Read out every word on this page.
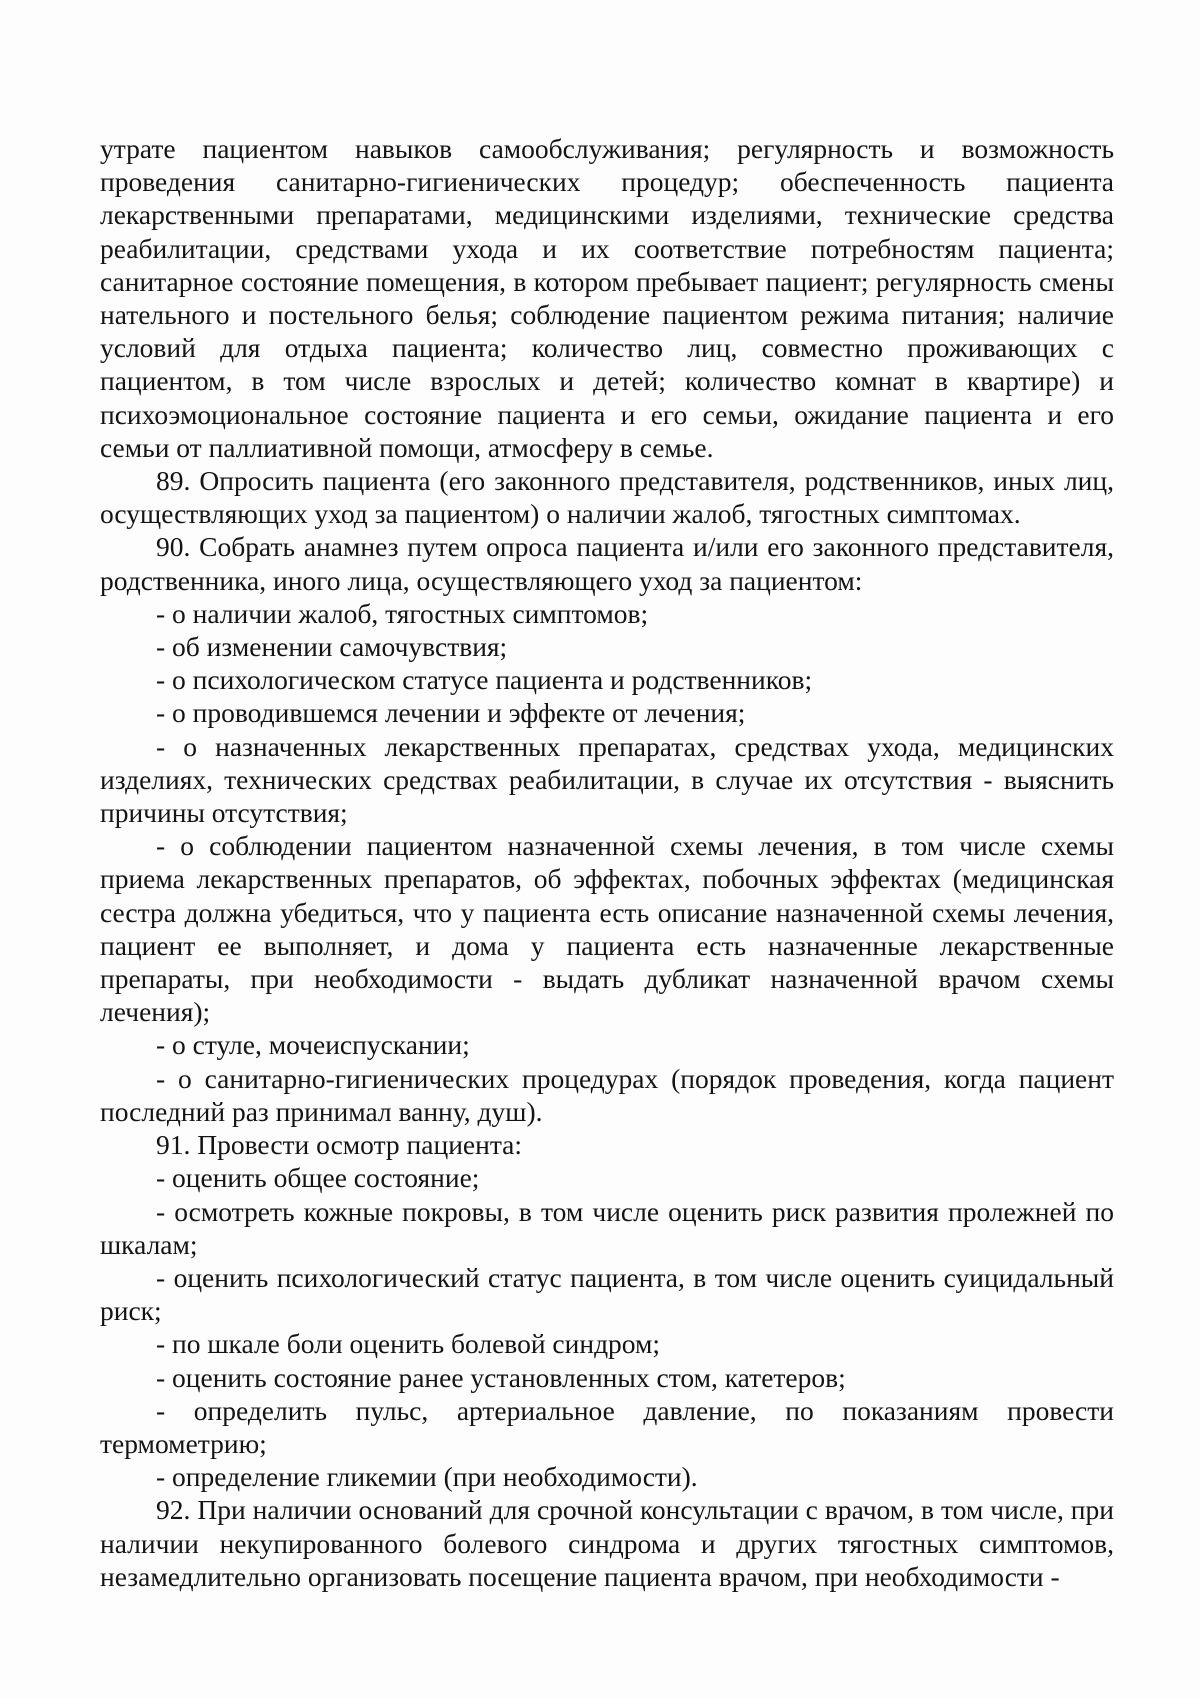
утрате пациентом навыков самообслуживания; регулярность и возможность проведения санитарно-гигиенических процедур; обеспеченность пациента лекарственными препаратами, медицинскими изделиями, технические средства реабилитации, средствами ухода и их соответствие потребностям пациента; санитарное состояние помещения, в котором пребывает пациент; регулярность смены нательного и постельного белья; соблюдение пациентом режима питания; наличие условий для отдыха пациента; количество лиц, совместно проживающих с пациентом, в том числе взрослых и детей; количество комнат в квартире) и психоэмоциональное состояние пациента и его семьи, ожидание пациента и его семьи от паллиативной помощи, атмосферу в семье.

89. Опросить пациента (его законного представителя, родственников, иных лиц, осуществляющих уход за пациентом) о наличии жалоб, тягостных симптомах.

90. Собрать анамнез путем опроса пациента и/или его законного представителя, родственника, иного лица, осуществляющего уход за пациентом:

- о наличии жалоб, тягостных симптомов;

- об изменении самочувствия;

- о психологическом статусе пациента и родственников;

- о проводившемся лечении и эффекте от лечения;

- о назначенных лекарственных препаратах, средствах ухода, медицинских изделиях, технических средствах реабилитации, в случае их отсутствия - выяснить причины отсутствия;

- о соблюдении пациентом назначенной схемы лечения, в том числе схемы приема лекарственных препаратов, об эффектах, побочных эффектах (медицинская сестра должна убедиться, что у пациента есть описание назначенной схемы лечения, пациент ее выполняет, и дома у пациента есть назначенные лекарственные препараты, при необходимости - выдать дубликат назначенной врачом схемы лечения);

- о стуле, мочеиспускании;

- о санитарно-гигиенических процедурах (порядок проведения, когда пациент последний раз принимал ванну, душ).

91. Провести осмотр пациента:

- оценить общее состояние;

- осмотреть кожные покровы, в том числе оценить риск развития пролежней по шкалам;

- оценить психологический статус пациента, в том числе оценить суицидальный риск;

- по шкале боли оценить болевой синдром;

- оценить состояние ранее установленных стом, катетеров;

- определить пульс, артериальное давление, по показаниям провести термометрию;

- определение гликемии (при необходимости).

92. При наличии оснований для срочной консультации с врачом, в том числе, при наличии некупированного болевого синдрома и других тягостных симптомов, незамедлительно организовать посещение пациента врачом, при необходимости -
